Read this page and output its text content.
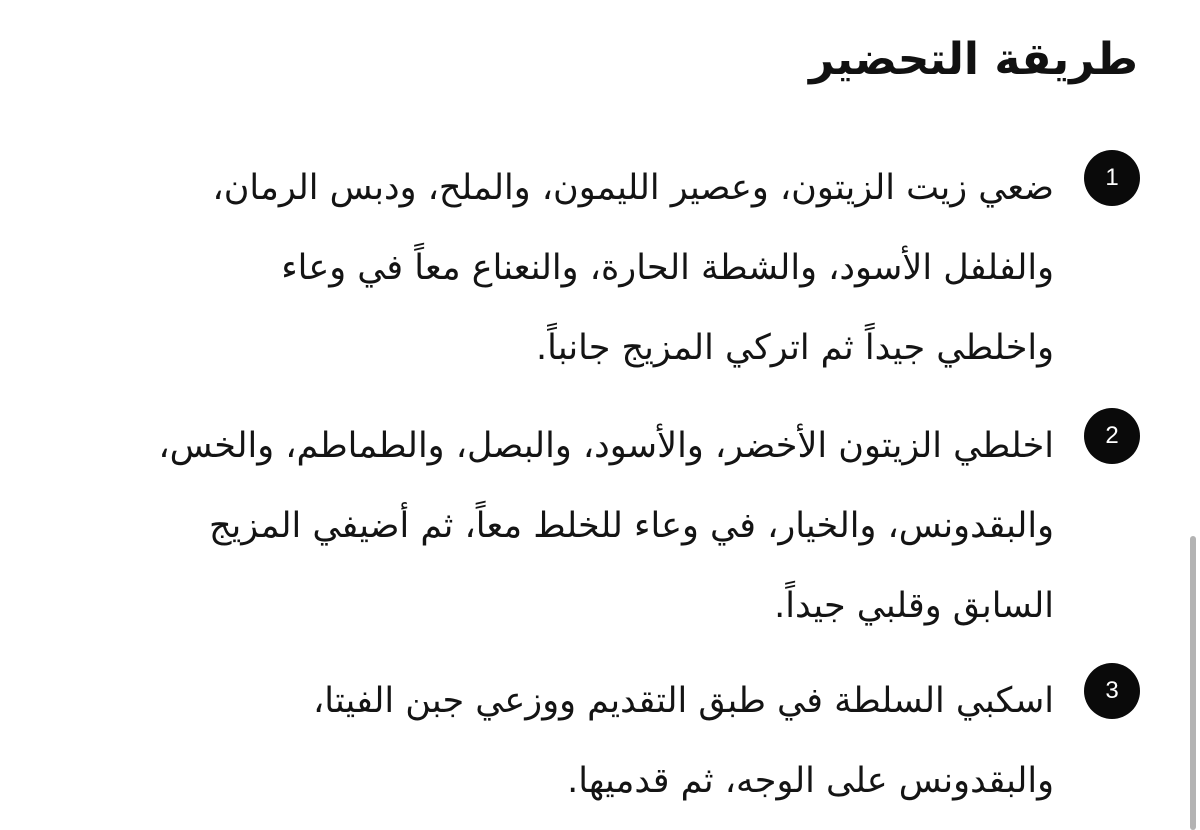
طريقة التحضير
1

ضعي زيت الزيتون، وعصير الليمون، والملح، ودبس الرمان،
والفلفل الأسود، والشطة الحارة، والنعناع معاً في وعاء
واخلطي جيداً ثم اتركي المزيج جانباً.

2

اخلطي الزيتون الأخضر، والأسود، والبصل، والطماطم، والخس،
والبقدونس، والخيار، في وعاء للخلط معاً، ثم أضيفي المزيج
السابق وقلبي جيداً.

3

اسكبي السلطة في طبق التقديم ووزعي جبن الفيتا،
والبقدونس على الوجه، ثم قدميها.
